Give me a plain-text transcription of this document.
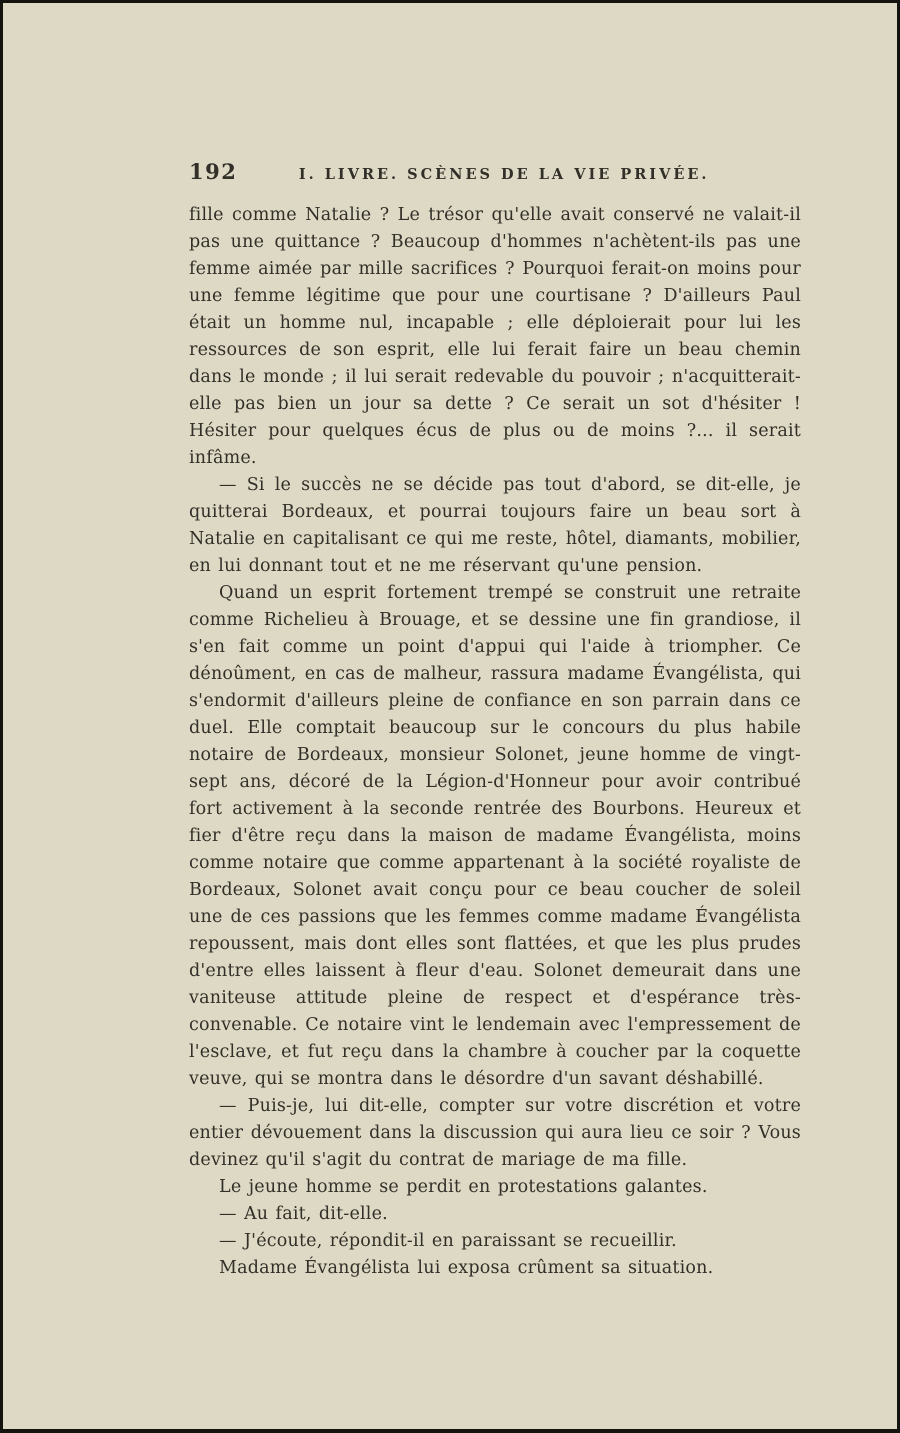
192	I. LIVRE. SCÈNES DE LA VIE PRIVÉE.

fille comme Natalie ? Le trésor qu'elle avait conservé ne valait-il pas une quittance ? Beaucoup d'hommes n'achètent-ils pas une femme aimée par mille sacrifices ? Pourquoi ferait-on moins pour une femme légitime que pour une courtisane ? D'ailleurs Paul était un homme nul, incapable ; elle déploierait pour lui les ressources de son esprit, elle lui ferait faire un beau chemin dans le monde ; il lui serait redevable du pouvoir ; n'acquitterait-elle pas bien un jour sa dette ? Ce serait un sot d'hésiter ! Hésiter pour quelques écus de plus ou de moins ?... il serait infâme.

— Si le succès ne se décide pas tout d'abord, se dit-elle, je quitterai Bordeaux, et pourrai toujours faire un beau sort à Natalie en capitalisant ce qui me reste, hôtel, diamants, mobilier, en lui donnant tout et ne me réservant qu'une pension.

Quand un esprit fortement trempé se construit une retraite comme Richelieu à Brouage, et se dessine une fin grandiose, il s'en fait comme un point d'appui qui l'aide à triompher. Ce dénoûment, en cas de malheur, rassura madame Évangélista, qui s'endormit d'ailleurs pleine de confiance en son parrain dans ce duel. Elle comptait beaucoup sur le concours du plus habile notaire de Bordeaux, monsieur Solonet, jeune homme de vingt-sept ans, décoré de la Légion-d'Honneur pour avoir contribué fort activement à la seconde rentrée des Bourbons. Heureux et fier d'être reçu dans la maison de madame Évangélista, moins comme notaire que comme appartenant à la société royaliste de Bordeaux, Solonet avait conçu pour ce beau coucher de soleil une de ces passions que les femmes comme madame Évangélista repoussent, mais dont elles sont flattées, et que les plus prudes d'entre elles laissent à fleur d'eau. Solonet demeurait dans une vaniteuse attitude pleine de respect et d'espérance très-convenable. Ce notaire vint le lendemain avec l'empressement de l'esclave, et fut reçu dans la chambre à coucher par la coquette veuve, qui se montra dans le désordre d'un savant déshabillé.

— Puis-je, lui dit-elle, compter sur votre discrétion et votre entier dévouement dans la discussion qui aura lieu ce soir ? Vous devinez qu'il s'agit du contrat de mariage de ma fille.

Le jeune homme se perdit en protestations galantes.

— Au fait, dit-elle.

— J'écoute, répondit-il en paraissant se recueillir.

Madame Évangélista lui exposa crûment sa situation.
